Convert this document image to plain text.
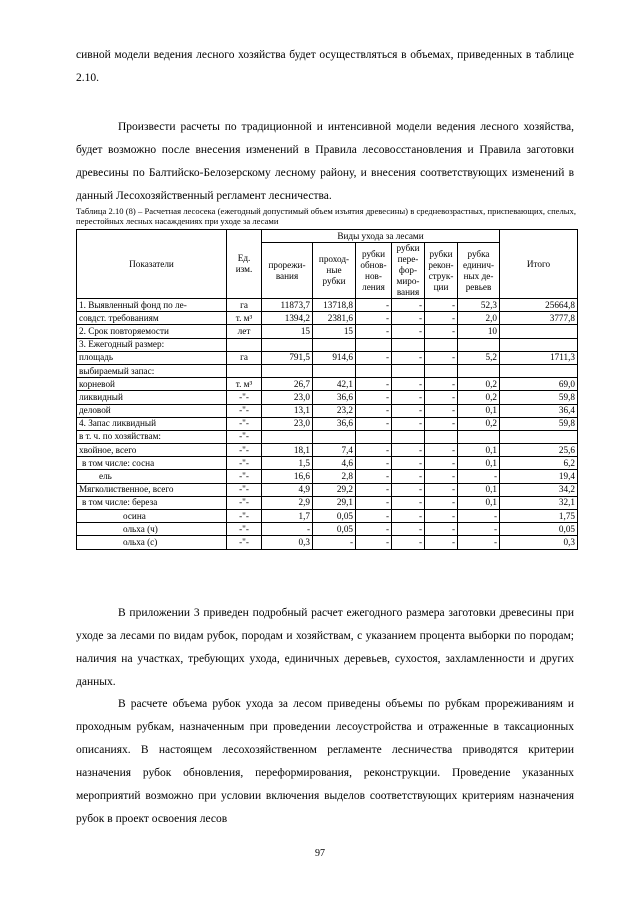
сивной модели ведения лесного хозяйства будет осуществляться в объемах, приведенных в таблице 2.10.

Произвести расчеты по традиционной и интенсивной модели ведения лесного хозяйства, будет возможно после внесения изменений в Правила лесовосстановления и Правила заготовки древесины по Балтийско-Белозерскому лесному району, и внесения соответствующих изменений в данный Лесохозяйственный регламент лесничества.

Таблица 2.10 (8) – Расчетная лесосека (ежегодный допустимый объем изъятия древесины) в средневозрастных, приспевающих, спелых, перестойных лесных насаждениях при уходе за лесами
Показатели	Ед. изм.	Виды ухода за лесами						Итого
		прорежи- вания	проход- ные рубки	рубки обнов- нов- ления	рубки пере- фор- миро- вания	рубки рекон- струк- ции	рубка единич- ных де- ревьев	
1. Выявленный фонд по ле-	га	11873,7	13718,8	-	-	-	52,3	25664,8
совдст. требованиям	т. м³	1394,2	2381,6	-	-	-	2,0	3777,8
2. Срок повторяемости	лет	15	15	-	-	-	10	
3. Ежегодный размер:								
площадь	га	791,5	914,6	-	-	-	5,2	1711,3
выбираемый запас:								
корневой	т. м³	26,7	42,1	-	-	-	0,2	69,0
ликвидный	-"-	23,0	36,6	-	-	-	0,2	59,8
деловой	-"-	13,1	23,2	-	-	-	0,1	36,4
4. Запас ликвидный	-"-	23,0	36,6	-	-	-	0,2	59,8
в т. ч. по хозяйствам:	-"-							
хвойное, всего	-"-	18,1	7,4	-	-	-	0,1	25,6
в том числе: сосна	-"-	1,5	4,6	-	-	-	0,1	6,2
ель	-"-	16,6	2,8	-	-	-	-	19,4
Мягколиственное, всего	-"-	4,9	29,2	-	-	-	0,1	34,2
в том числе: береза	-"-	2,9	29,1	-	-	-	0,1	32,1
осина	-"-	1,7	0,05	-	-	-	-	1,75
ольха (ч)	-"-	-	0,05	-	-	-	-	0,05
ольха (с)	-"-	0,3	-	-	-	-	-	0,3

В приложении 3 приведен подробный расчет ежегодного размера заготовки древесины при уходе за лесами по видам рубок, породам и хозяйствам, с указанием процента выборки по породам; наличия на участках, требующих ухода, единичных деревьев, сухостоя, захламленности и других данных.

В расчете объема рубок ухода за лесом приведены объемы по рубкам прореживаниям и проходным рубкам, назначенным при проведении лесоустройства и отраженные в таксационных описаниях. В настоящем лесохозяйственном регламенте лесничества приводятся критерии назначения рубок обновления, переформирования, реконструкции. Проведение указанных мероприятий возможно при условии включения выделов соответствующих критериям назначения рубок в проект освоения лесов

97
